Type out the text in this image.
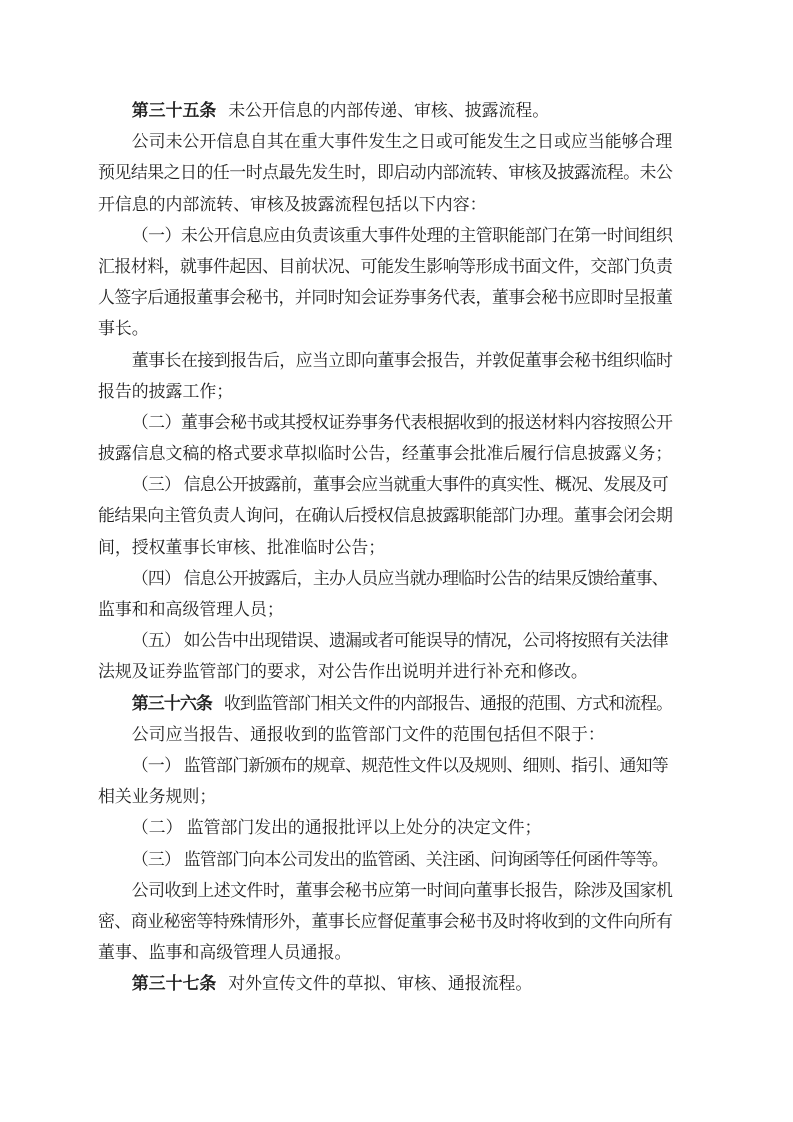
第三十五条 未公开信息的内部传递、审核、披露流程。
公司未公开信息自其在重大事件发生之日或可能发生之日或应当能够合理
预见结果之日的任一时点最先发生时，即启动内部流转、审核及披露流程。未公
开信息的内部流转、审核及披露流程包括以下内容：
（一）未公开信息应由负责该重大事件处理的主管职能部门在第一时间组织
汇报材料，就事件起因、目前状况、可能发生影响等形成书面文件，交部门负责
人签字后通报董事会秘书，并同时知会证券事务代表，董事会秘书应即时呈报董
事长。
董事长在接到报告后，应当立即向董事会报告，并敦促董事会秘书组织临时
报告的披露工作；
（二）董事会秘书或其授权证券事务代表根据收到的报送材料内容按照公开
披露信息文稿的格式要求草拟临时公告，经董事会批准后履行信息披露义务；
（三） 信息公开披露前，董事会应当就重大事件的真实性、概况、发展及可
能结果向主管负责人询问，在确认后授权信息披露职能部门办理。董事会闭会期
间，授权董事长审核、批准临时公告；
（四） 信息公开披露后，主办人员应当就办理临时公告的结果反馈给董事、
监事和和高级管理人员；
（五） 如公告中出现错误、遗漏或者可能误导的情况，公司将按照有关法律
法规及证券监管部门的要求，对公告作出说明并进行补充和修改。
第三十六条 收到监管部门相关文件的内部报告、通报的范围、方式和流程。
公司应当报告、通报收到的监管部门文件的范围包括但不限于：
（一） 监管部门新颁布的规章、规范性文件以及规则、细则、指引、通知等
相关业务规则；
（二） 监管部门发出的通报批评以上处分的决定文件；
（三） 监管部门向本公司发出的监管函、关注函、问询函等任何函件等等。
公司收到上述文件时，董事会秘书应第一时间向董事长报告，除涉及国家机
密、商业秘密等特殊情形外，董事长应督促董事会秘书及时将收到的文件向所有
董事、监事和高级管理人员通报。
第三十七条 对外宣传文件的草拟、审核、通报流程。
